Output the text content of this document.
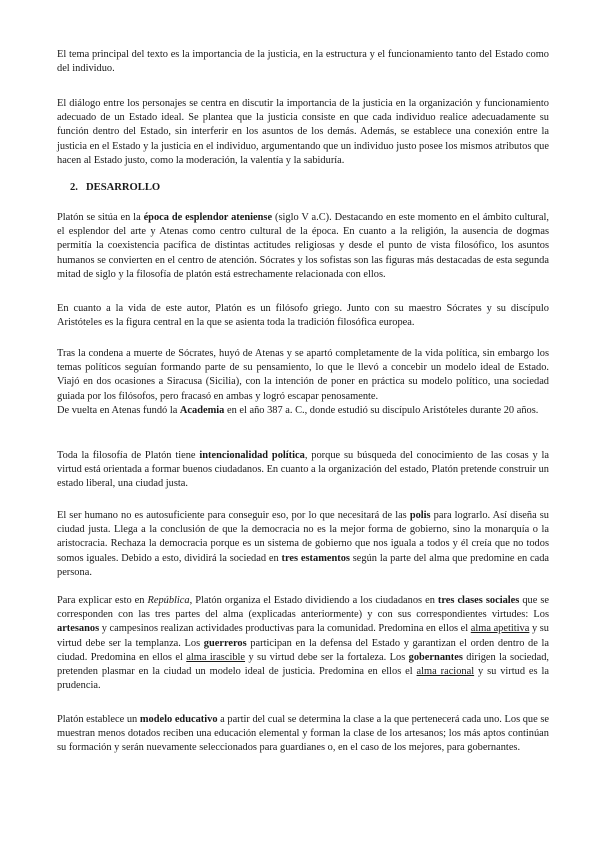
El tema principal del texto es la importancia de la justicia, en la estructura y el funcionamiento tanto del Estado como del individuo.

El diálogo entre los personajes se centra en discutir la importancia de la justicia en la organización y funcionamiento adecuado de un Estado ideal. Se plantea que la justicia consiste en que cada individuo realice adecuadamente su función dentro del Estado, sin interferir en los asuntos de los demás. Además, se establece una conexión entre la justicia en el Estado y la justicia en el individuo, argumentando que un individuo justo posee los mismos atributos que hacen al Estado justo, como la moderación, la valentía y la sabiduría.

2. DESARROLLO

Platón se sitúa en la época de esplendor ateniense (siglo V a.C). Destacando en este momento en el ámbito cultural, el esplendor del arte y Atenas como centro cultural de la época. En cuanto a la religión, la ausencia de dogmas permitía la coexistencia pacífica de distintas actitudes religiosas y desde el punto de vista filosófico, los asuntos humanos se convierten en el centro de atención. Sócrates y los sofistas son las figuras más destacadas de esta segunda mitad de siglo y la filosofía de platón está estrechamente relacionada con ellos.

En cuanto a la vida de este autor, Platón es un filósofo griego. Junto con su maestro Sócrates y su discípulo Aristóteles es la figura central en la que se asienta toda la tradición filosófica europea.

Tras la condena a muerte de Sócrates, huyó de Atenas y se apartó completamente de la vida política, sin embargo los temas políticos seguían formando parte de su pensamiento, lo que le llevó a concebir un modelo ideal de Estado. Viajó en dos ocasiones a Siracusa (Sicilia), con la intención de poner en práctica su modelo político, una sociedad guiada por los filósofos, pero fracasó en ambas y logró escapar penosamente.
De vuelta en Atenas fundó la Academia en el año 387 a. C., donde estudió su discípulo Aristóteles durante 20 años.

Toda la filosofía de Platón tiene intencionalidad política, porque su búsqueda del conocimiento de las cosas y la virtud está orientada a formar buenos ciudadanos. En cuanto a la organización del estado, Platón pretende construir un estado liberal, una ciudad justa.

El ser humano no es autosuficiente para conseguir eso, por lo que necesitará de las polis para lograrlo. Así diseña su ciudad justa. Llega a la conclusión de que la democracia no es la mejor forma de gobierno, sino la monarquía o la aristocracia. Rechaza la democracia porque es un sistema de gobierno que nos iguala a todos y él creía que no todos somos iguales. Debido a esto, dividirá la sociedad en tres estamentos según la parte del alma que predomine en cada persona.

Para explicar esto en República, Platón organiza el Estado dividiendo a los ciudadanos en tres clases sociales que se corresponden con las tres partes del alma (explicadas anteriormente) y con sus correspondientes virtudes: Los artesanos y campesinos realizan actividades productivas para la comunidad. Predomina en ellos el alma apetitiva y su virtud debe ser la templanza. Los guerreros participan en la defensa del Estado y garantizan el orden dentro de la ciudad. Predomina en ellos el alma irascible y su virtud debe ser la fortaleza. Los gobernantes dirigen la sociedad, pretenden plasmar en la ciudad un modelo ideal de justicia. Predomina en ellos el alma racional y su virtud es la prudencia.

Platón establece un modelo educativo a partir del cual se determina la clase a la que pertenecerá cada uno. Los que se muestran menos dotados reciben una educación elemental y forman la clase de los artesanos; los más aptos continúan su formación y serán nuevamente seleccionados para guardianes o, en el caso de los mejores, para gobernantes.
